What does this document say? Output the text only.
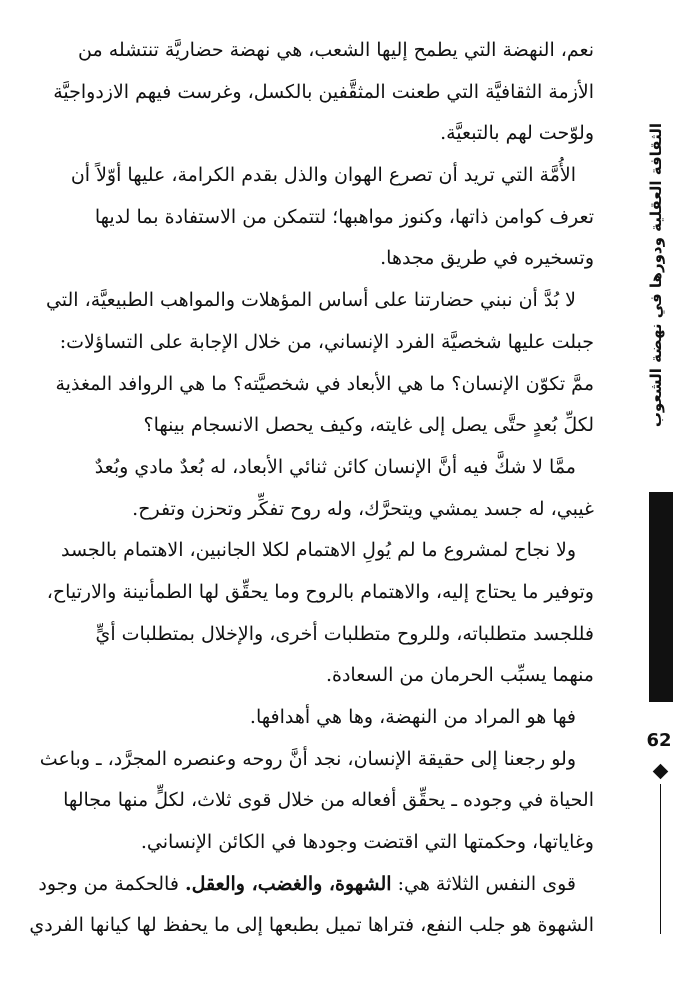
نعم، النهضة التي يطمح إليها الشعب، هي نهضة حضاريَّة تنتشله من
الأزمة الثقافيَّة التي طعنت المثقَّفين بالكسل، وغرست فيهم الازدواجيَّة
ولوّحت لهم بالتبعيَّة.
الأُمَّة التي تريد أن تصرع الهوان والذل بقدم الكرامة، عليها أوّلاً أن
تعرف كوامن ذاتها، وكنوز مواهبها؛ لتتمكن من الاستفادة بما لديها
وتسخيره في طريق مجدها.
لا بُدَّ أن نبني حضارتنا على أساس المؤهلات والمواهب الطبيعيَّة، التي
جبلت عليها شخصيَّة الفرد الإنساني، من خلال الإجابة على التساؤلات:
ممَّ تكوّن الإنسان؟ ما هي الأبعاد في شخصيَّته؟ ما هي الروافد المغذية
لكلِّ بُعدٍ حتَّى يصل إلى غايته، وكيف يحصل الانسجام بينها؟
ممَّا لا شكَّ فيه أنَّ الإنسان كائن ثنائي الأبعاد، له بُعدٌ مادي وبُعدٌ
غيبي، له جسد يمشي ويتحرَّك، وله روح تفكِّر وتحزن وتفرح.
ولا نجاح لمشروع ما لم يُولِ الاهتمام لكلا الجانبين، الاهتمام بالجسد
وتوفير ما يحتاج إليه، والاهتمام بالروح وما يحقِّق لها الطمأنينة والارتياح،
فللجسد متطلباته، وللروح متطلبات أخرى، والإخلال بمتطلبات أيٍّ
منهما يسبِّب الحرمان من السعادة.
فها هو المراد من النهضة، وها هي أهدافها.
ولو رجعنا إلى حقيقة الإنسان، نجد أنَّ روحه وعنصره المجرَّد، ـ وباعث
الحياة في وجوده ـ يحقِّق أفعاله من خلال قوى ثلاث، لكلٍّ منها مجالها
وغاياتها، وحكمتها التي اقتضت وجودها في الكائن الإنساني.
قوى النفس الثلاثة هي: الشهوة، والغضب، والعقل. فالحكمة من وجود
الشهوة هو جلب النفع، فتراها تميل بطبعها إلى ما يحفظ لها كيانها الفردي
الثقافة العقلية ودورها في نهضة الشعوب
62
